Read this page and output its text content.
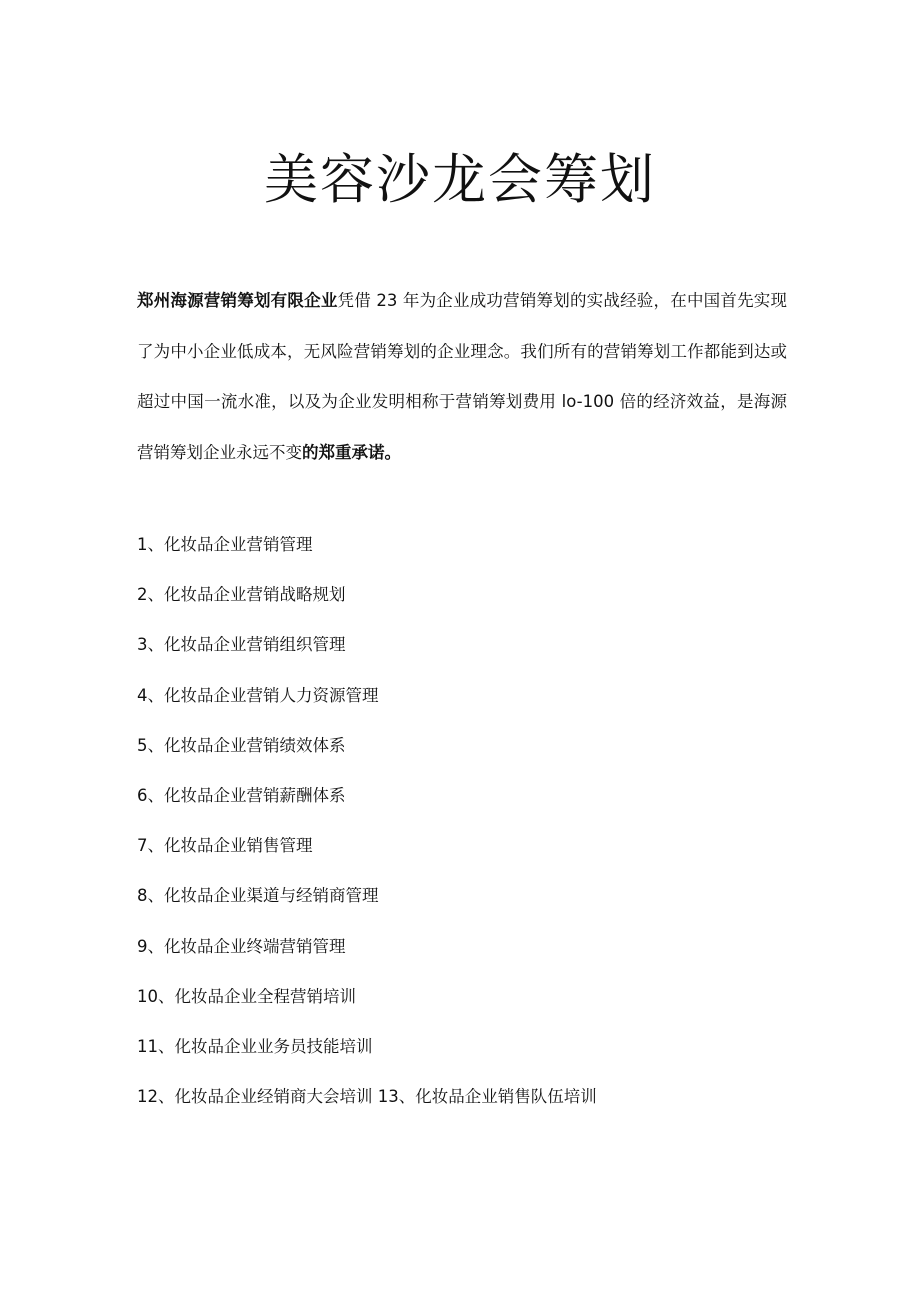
美容沙龙会筹划

郑州海源营销筹划有限企业凭借 23 年为企业成功营销筹划的实战经验，在中国首先实现了为中小企业低成本，无风险营销筹划的企业理念。我们所有的营销筹划工作都能到达或超过中国一流水准，以及为企业发明相称于营销筹划费用 lo-100 倍的经济效益，是海源营销筹划企业永远不变的郑重承诺。

1、化妆品企业营销管理
2、化妆品企业营销战略规划
3、化妆品企业营销组织管理
4、化妆品企业营销人力资源管理
5、化妆品企业营销绩效体系
6、化妆品企业营销薪酬体系
7、化妆品企业销售管理
8、化妆品企业渠道与经销商管理
9、化妆品企业终端营销管理
10、化妆品企业全程营销培训
11、化妆品企业业务员技能培训
12、化妆品企业经销商大会培训 13、化妆品企业销售队伍培训
